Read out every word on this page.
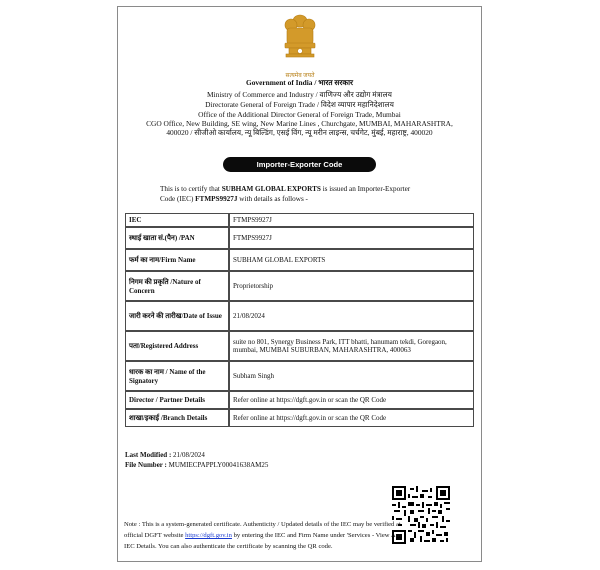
सत्यमेव जयते
Government of India / भारत सरकार
Ministry of Commerce and Industry / वाणिज्य और उद्योग मंत्रालय
Directorate General of Foreign Trade / विदेश व्यापार महानिदेशालय
Office of the Additional Director General of Foreign Trade, Mumbai
CGO Office, New Building, SE wing, New Marine Lines , Churchgate, MUMBAI, MAHARASHTRA,
400020 / सीजीओ कार्यालय, न्यू बिल्डिंग, एसई विंग, न्यू मरीन लाइन्स, चर्चगेट, मुंबई, महाराष्ट्र, 400020
Importer-Exporter Code
This is to certify that SUBHAM GLOBAL EXPORTS is issued an Importer-Exporter
Code (IEC) FTMPS9927J with details as follows -
IEC	FTMPS9927J
स्थाई खाता सं.(पैन) /PAN	FTMPS9927J
फर्म का नाम/Firm Name	SUBHAM GLOBAL EXPORTS
निगम की प्रकृति /Nature of Concern	Proprietorship
जारी करने की तारीख/Date of Issue	21/08/2024
पता/Registered Address	suite no 801, Synergy Business Park, ITT bhatti, hanumam tekdi, Goregaon, mumbai, MUMBAI SUBURBAN, MAHARASHTRA, 400063
धारक का नाम / Name of the Signatory	Subham Singh
Director / Partner Details	Refer online at https://dgft.gov.in or scan the QR Code
शाखा/इकाई /Branch Details	Refer online at https://dgft.gov.in or scan the QR Code
Last Modified : 21/08/2024
File Number : MUMIECPAPPLY00041638AM25
Note : This is a system-generated certificate. Authenticity / Updated details of the IEC may be verified at
official DGFT website https://dgft.gov.in by entering the IEC and Firm Name under 'Services - View Any
IEC Details. You can also authenticate the certificate by scanning the QR code.
